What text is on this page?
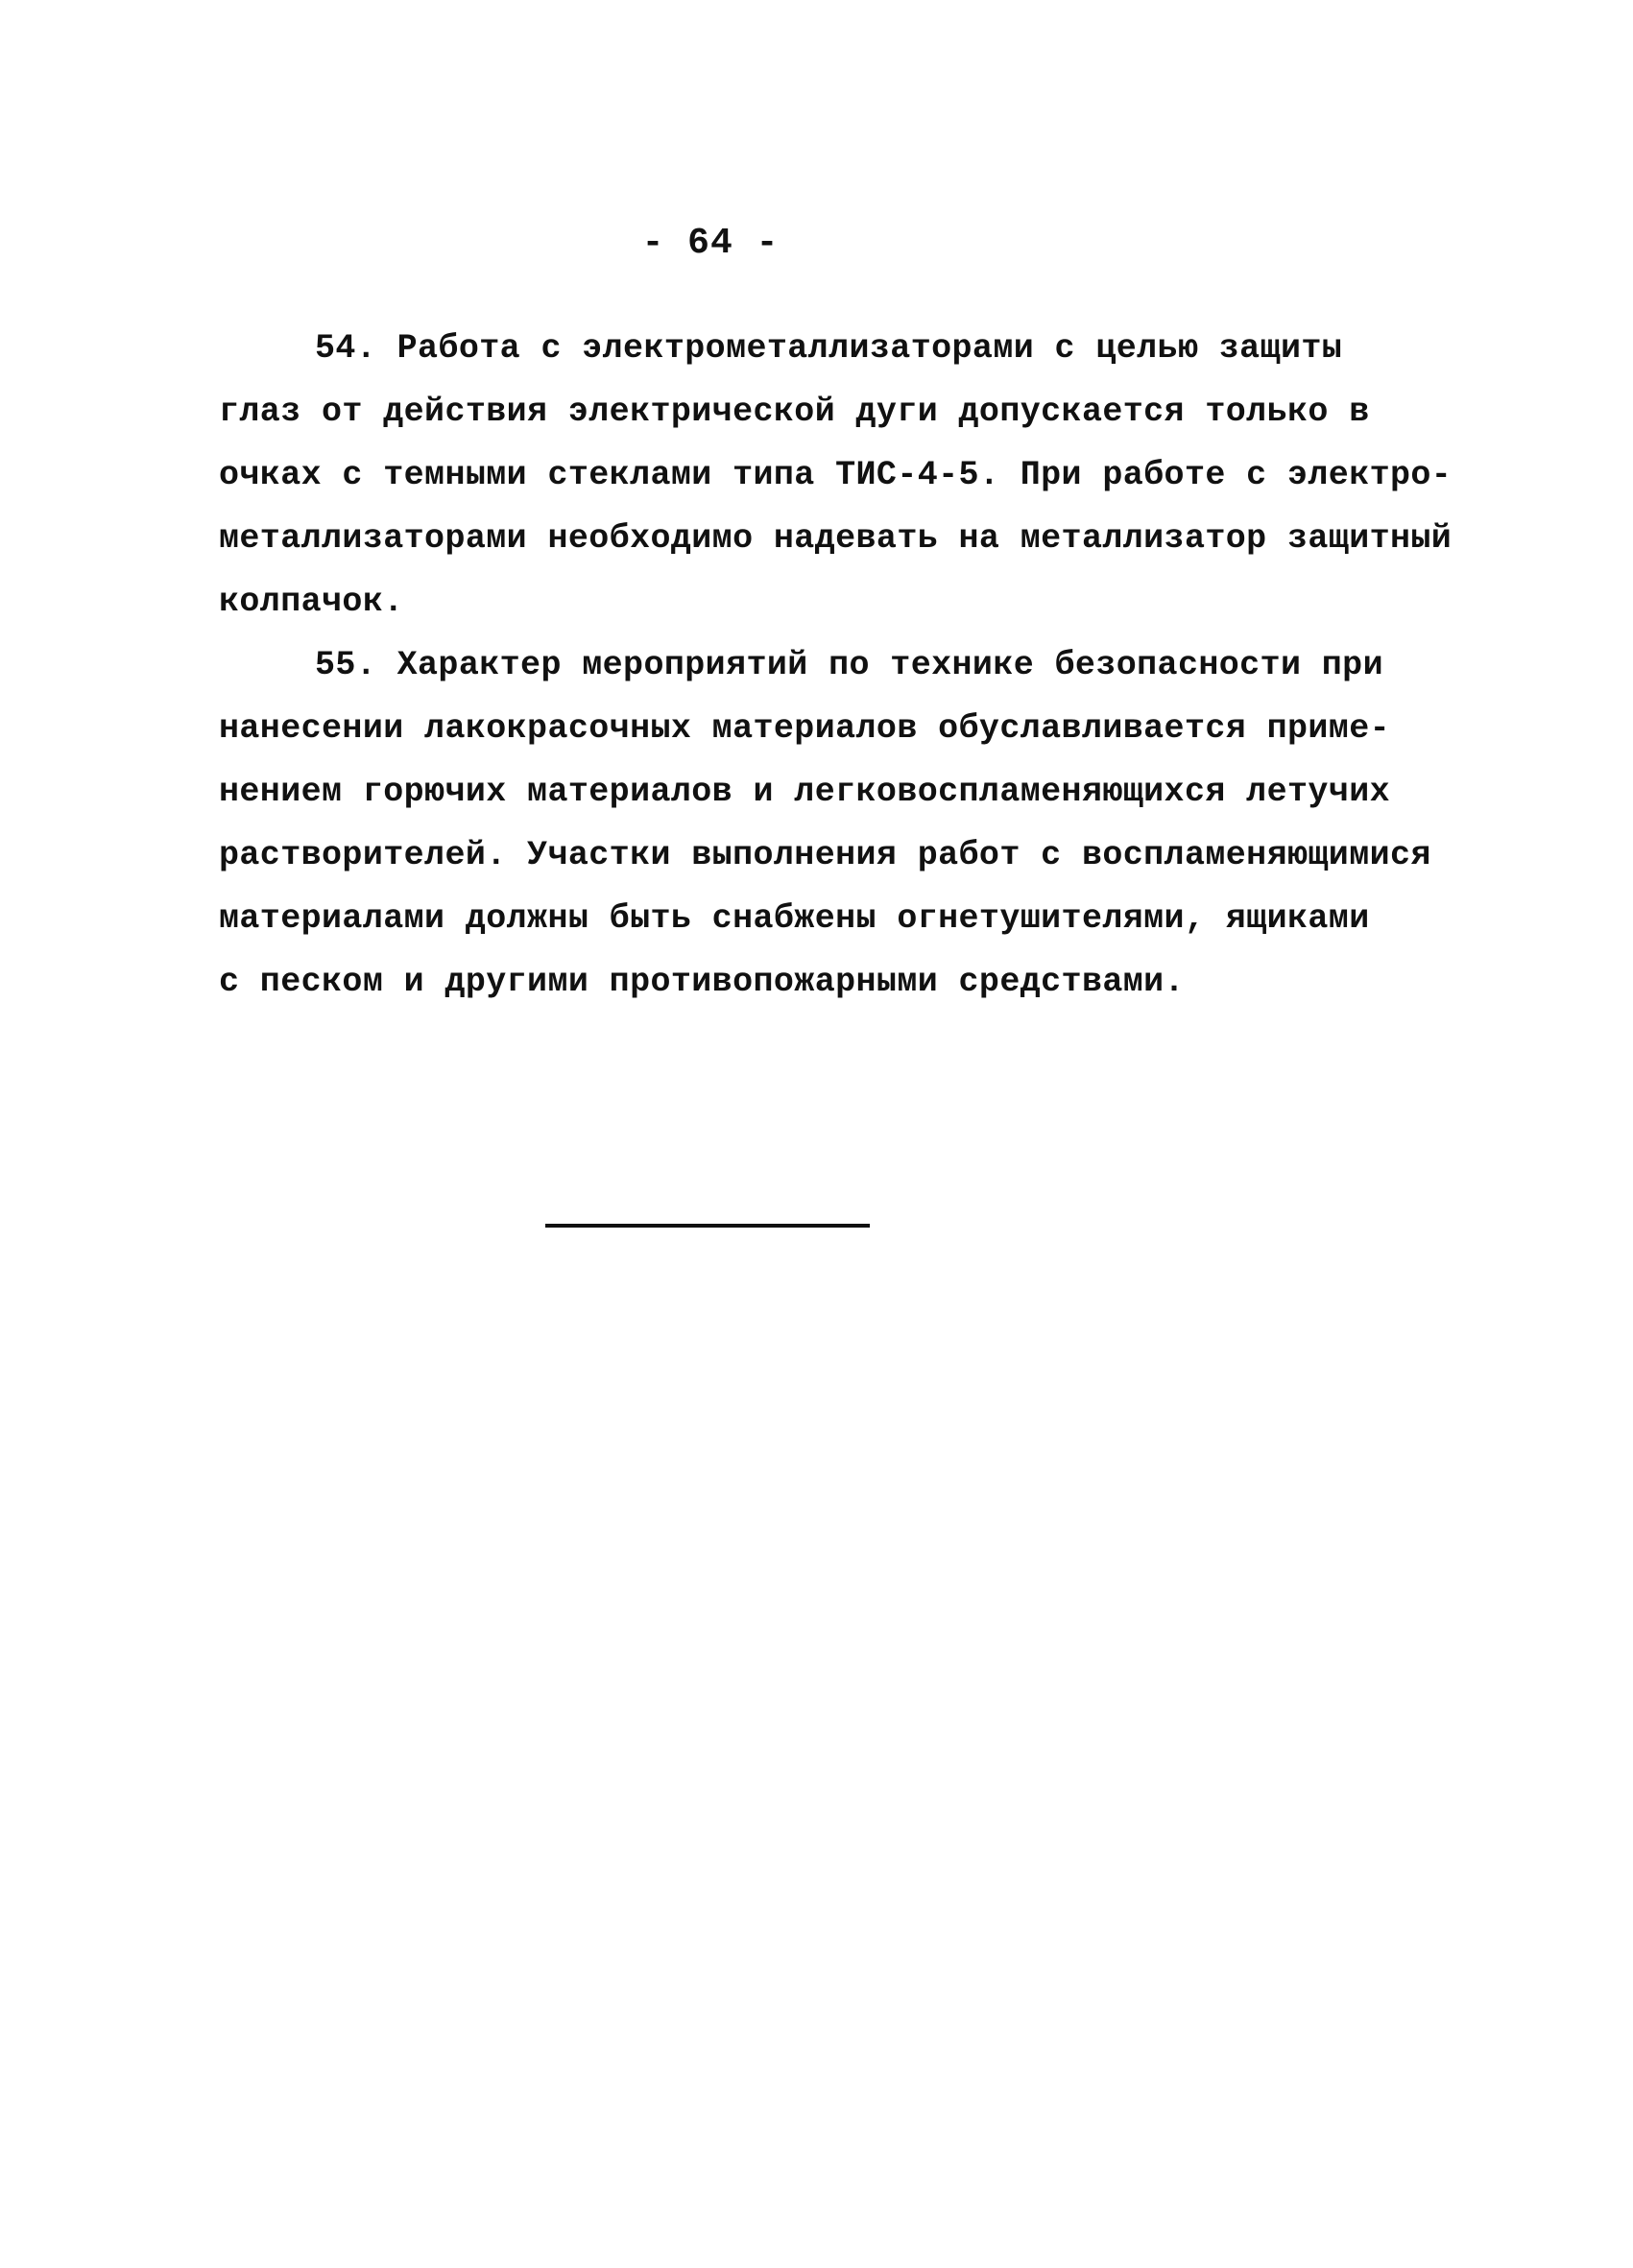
- 64 -
54. Работа с электрометаллизаторами с целью защиты
глаз от действия электрической дуги допускается только в
очках с темными стеклами типа ТИС-4-5. При работе с электро-
металлизаторами необходимо надевать на металлизатор защитный
колпачок.
55. Характер мероприятий по технике безопасности при
нанесении лакокрасочных материалов обуславливается приме-
нением горючих материалов и легковоспламеняющихся летучих
растворителей. Участки выполнения работ с воспламеняющимися
материалами должны быть снабжены огнетушителями, ящиками
с песком и другими противопожарными средствами.
